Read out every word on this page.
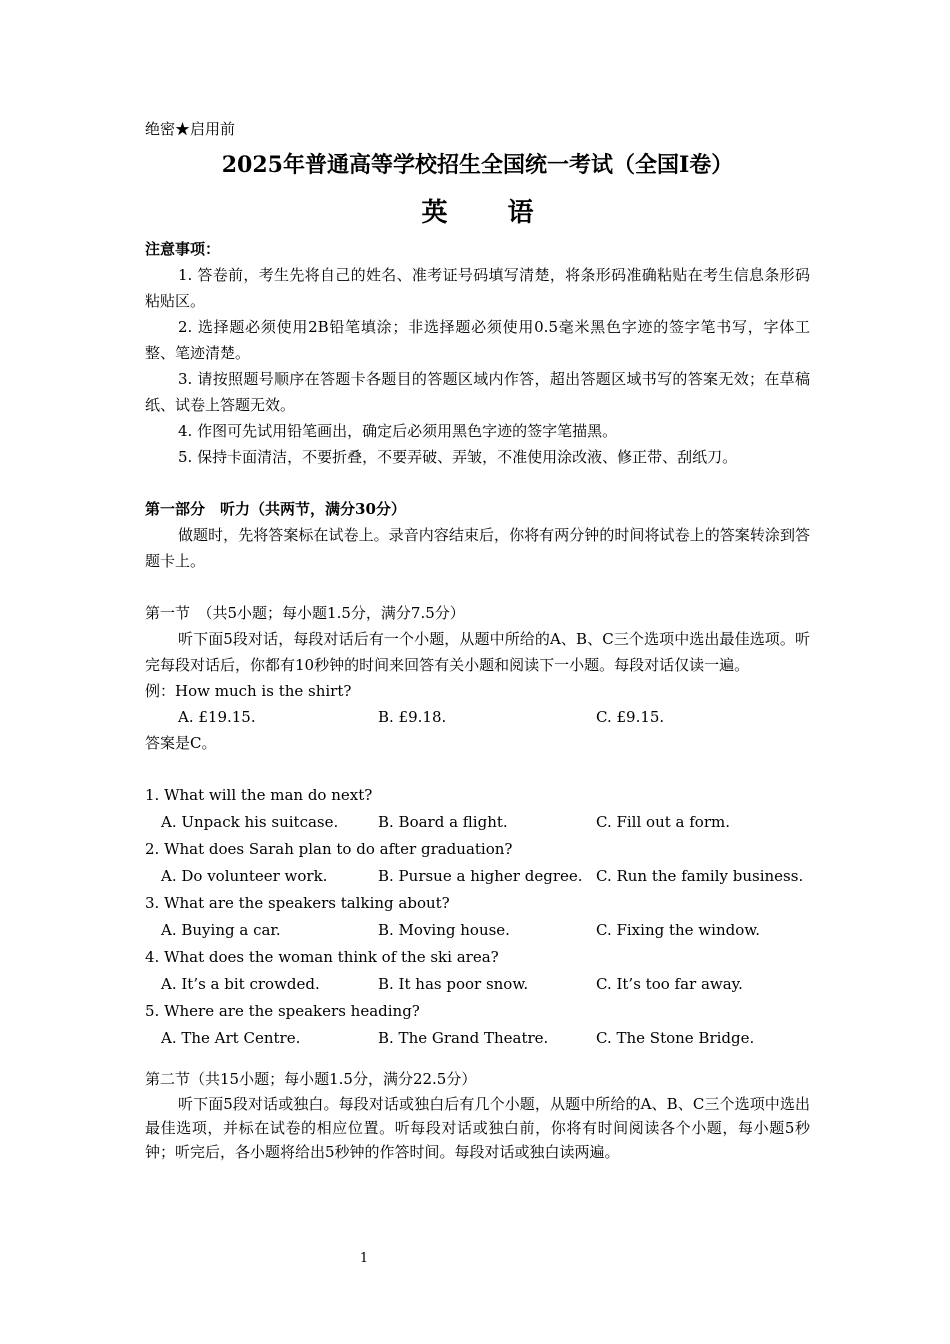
绝密★启用前

2025年普通高等学校招生全国统一考试（全国I卷）

英 语

注意事项：

1. 答卷前，考生先将自己的姓名、准考证号码填写清楚，将条形码准确粘贴在考生信息条形码粘贴区。

2. 选择题必须使用2B铅笔填涂；非选择题必须使用0.5毫米黑色字迹的签字笔书写，字体工整、笔迹清楚。

3. 请按照题号顺序在答题卡各题目的答题区域内作答，超出答题区域书写的答案无效；在草稿纸、试卷上答题无效。

4. 作图可先试用铅笔画出，确定后必须用黑色字迹的签字笔描黑。

5. 保持卡面清洁，不要折叠，不要弄破、弄皱，不准使用涂改液、修正带、刮纸刀。

第一部分　听力（共两节，满分30分）

做题时，先将答案标在试卷上。录音内容结束后，你将有两分钟的时间将试卷上的答案转涂到答题卡上。

第一节　（共5小题；每小题1.5分，满分7.5分）

听下面5段对话，每段对话后有一个小题，从题中所给的A、B、C三个选项中选出最佳选项。听完每段对话后，你都有10秒钟的时间来回答有关小题和阅读下一小题。每段对话仅读一遍。

例：How much is the shirt?

A. £19.15.	B. £9.18.	C. £9.15.

答案是C。

1. What will the man do next?

A. Unpack his suitcase.	B. Board a flight.	C. Fill out a form.

2. What does Sarah plan to do after graduation?

A. Do volunteer work.	B. Pursue a higher degree. C. Run the family business.

3. What are the speakers talking about?

A. Buying a car.	B. Moving house.	C. Fixing the window.

4. What does the woman think of the ski area?

A. It’s a bit crowded.	B. It has poor snow.	C. It’s too far away.

5. Where are the speakers heading?

A. The Art Centre.	B. The Grand Theatre.	C. The Stone Bridge.

第二节（共15小题；每小题1.5分，满分22.5分）

听下面5段对话或独白。每段对话或独白后有几个小题，从题中所给的A、B、C三个选项中选出最佳选项，并标在试卷的相应位置。听每段对话或独白前，你将有时间阅读各个小题，每小题5秒钟；听完后，各小题将给出5秒钟的作答时间。每段对话或独白读两遍。

1
